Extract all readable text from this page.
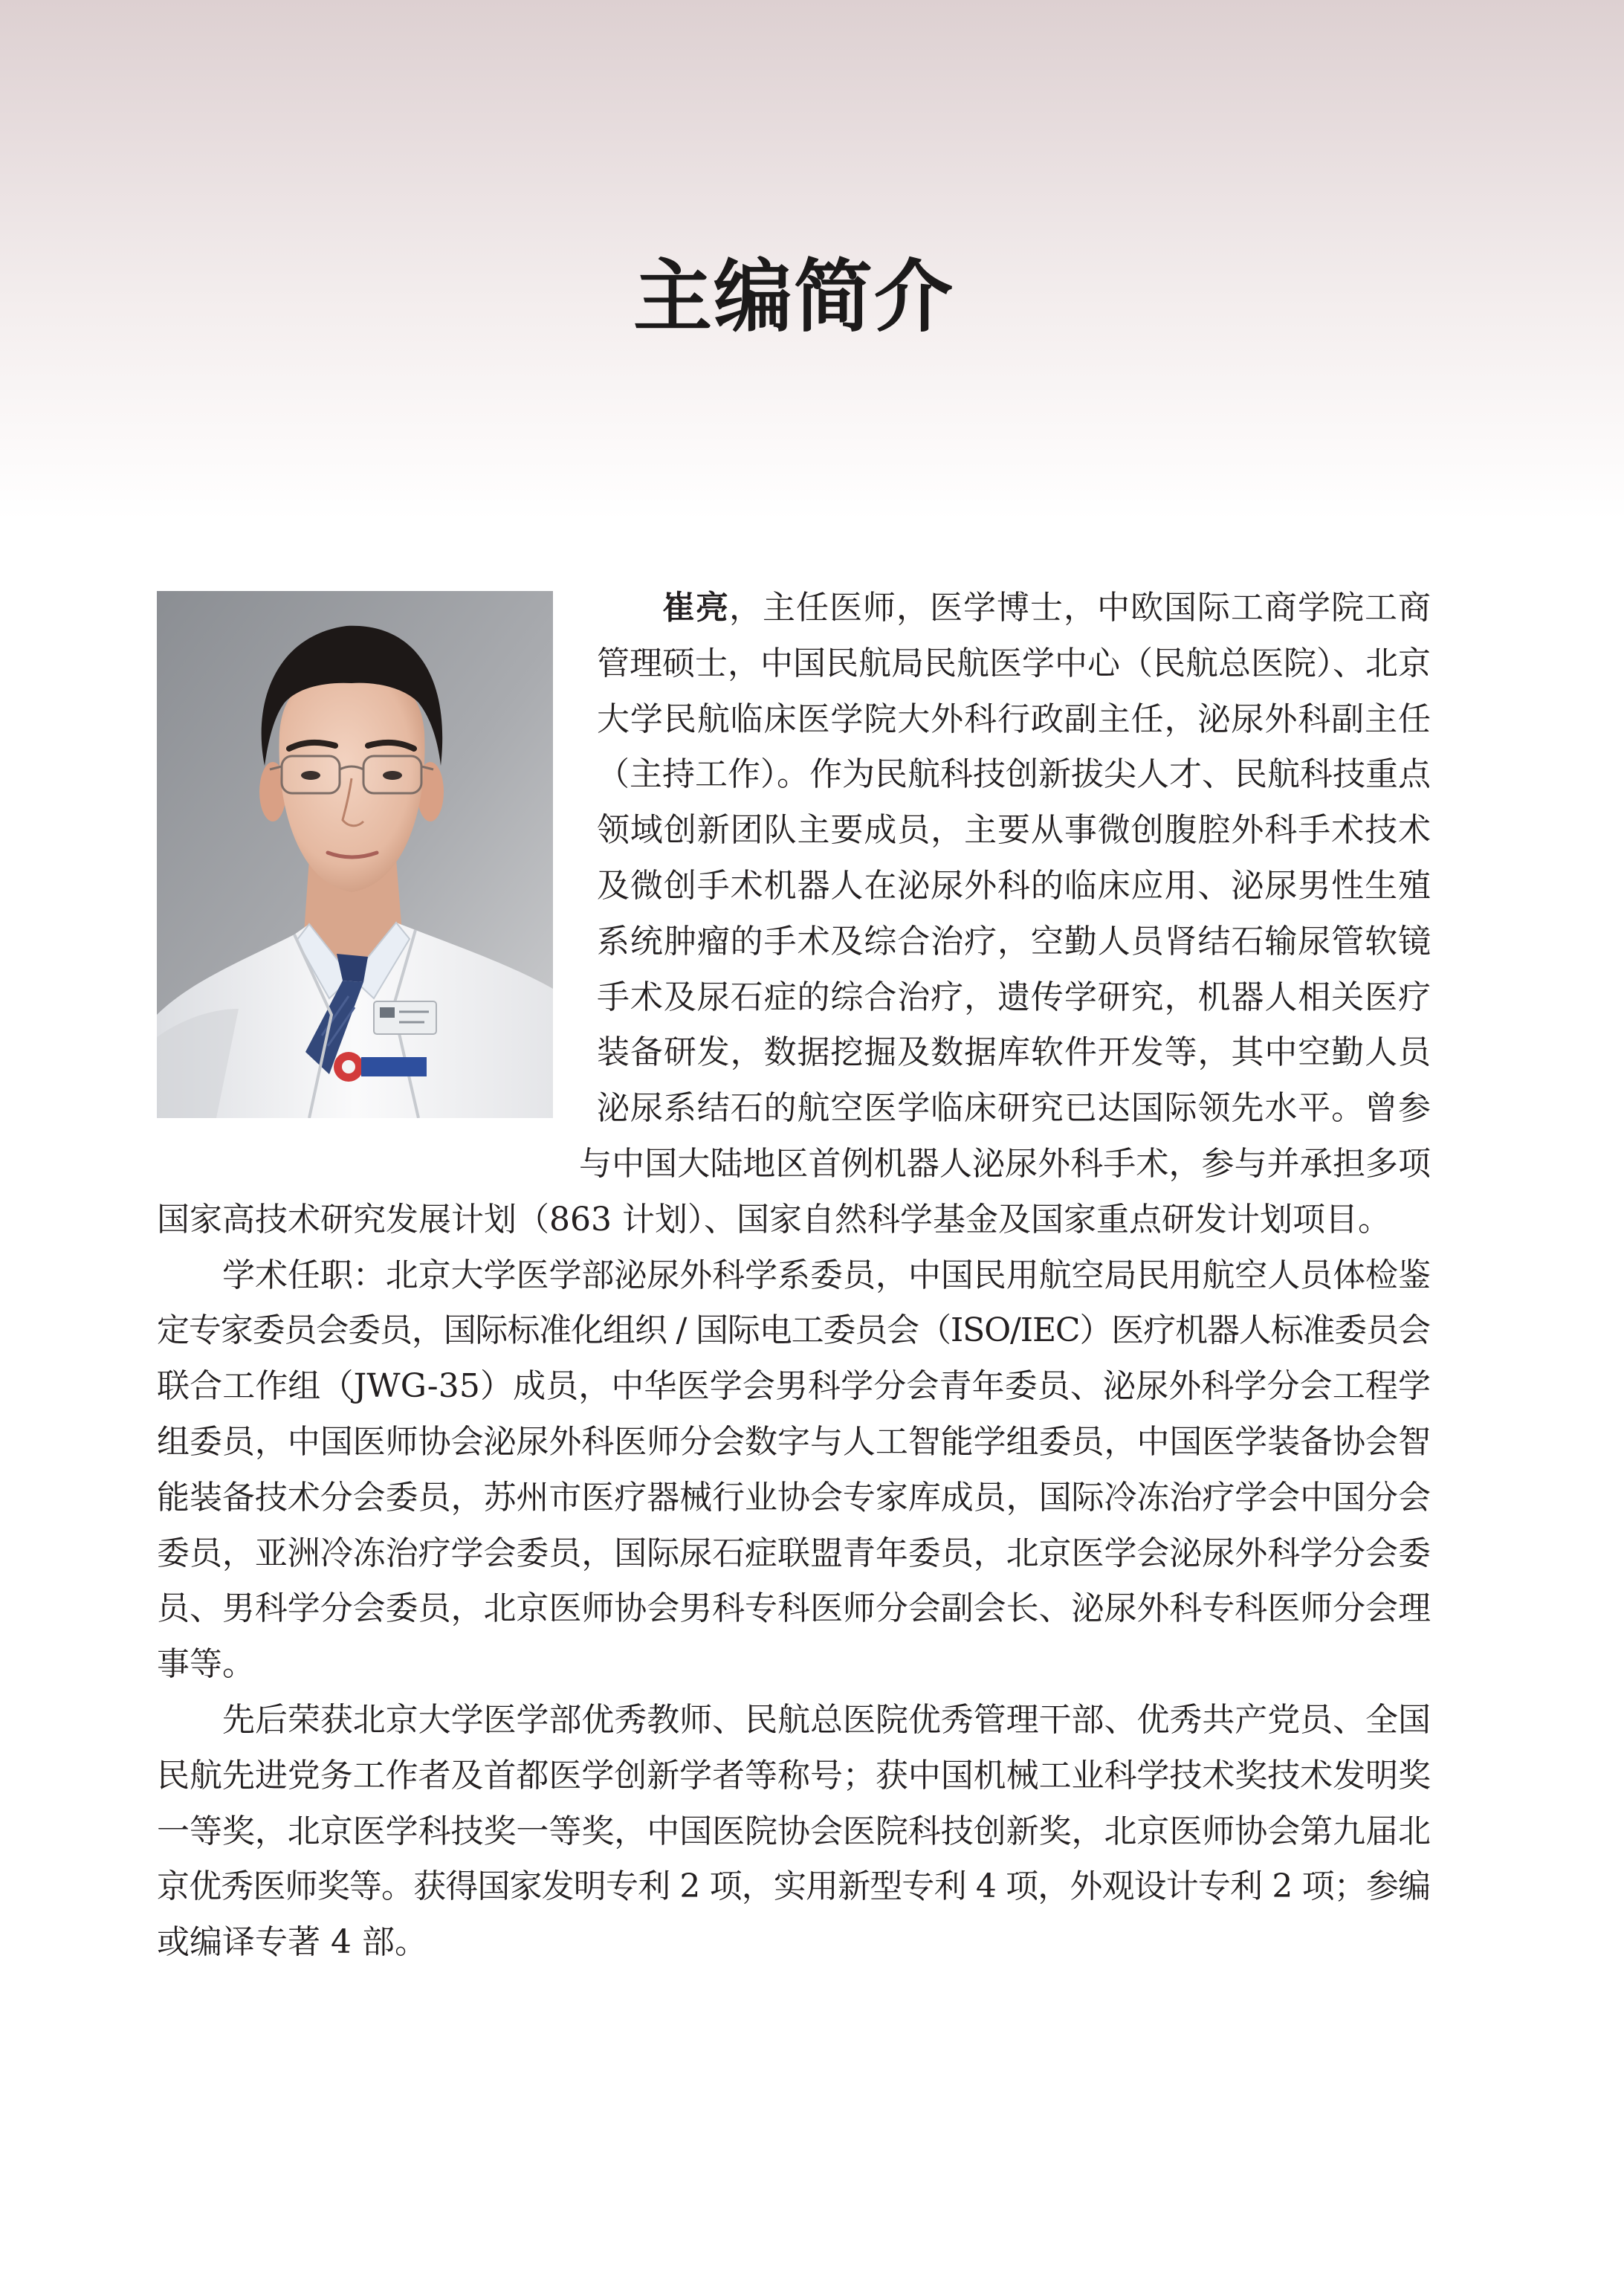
主编简介
崔亮，主任医师，医学博士，中欧国际工商学院工商
管理硕士，中国民航局民航医学中心（民航总医院）、北京
大学民航临床医学院大外科行政副主任，泌尿外科副主任
（主持工作）。作为民航科技创新拔尖人才、民航科技重点
领域创新团队主要成员，主要从事微创腹腔外科手术技术
及微创手术机器人在泌尿外科的临床应用、泌尿男性生殖
系统肿瘤的手术及综合治疗，空勤人员肾结石输尿管软镜
手术及尿石症的综合治疗，遗传学研究，机器人相关医疗
装备研发，数据挖掘及数据库软件开发等，其中空勤人员
泌尿系结石的航空医学临床研究已达国际领先水平。曾参
与中国大陆地区首例机器人泌尿外科手术，参与并承担多项
国家高技术研究发展计划（863 计划）、国家自然科学基金及国家重点研发计划项目。
学术任职：北京大学医学部泌尿外科学系委员，中国民用航空局民用航空人员体检鉴
定专家委员会委员，国际标准化组织 / 国际电工委员会（ISO/IEC）医疗机器人标准委员会
联合工作组（JWG-35）成员，中华医学会男科学分会青年委员、泌尿外科学分会工程学
组委员，中国医师协会泌尿外科医师分会数字与人工智能学组委员，中国医学装备协会智
能装备技术分会委员，苏州市医疗器械行业协会专家库成员，国际冷冻治疗学会中国分会
委员，亚洲冷冻治疗学会委员，国际尿石症联盟青年委员，北京医学会泌尿外科学分会委
员、男科学分会委员，北京医师协会男科专科医师分会副会长、泌尿外科专科医师分会理
事等。
先后荣获北京大学医学部优秀教师、民航总医院优秀管理干部、优秀共产党员、全国
民航先进党务工作者及首都医学创新学者等称号；获中国机械工业科学技术奖技术发明奖
一等奖，北京医学科技奖一等奖，中国医院协会医院科技创新奖，北京医师协会第九届北
京优秀医师奖等。获得国家发明专利 2 项，实用新型专利 4 项，外观设计专利 2 项；参编
或编译专著 4 部。
